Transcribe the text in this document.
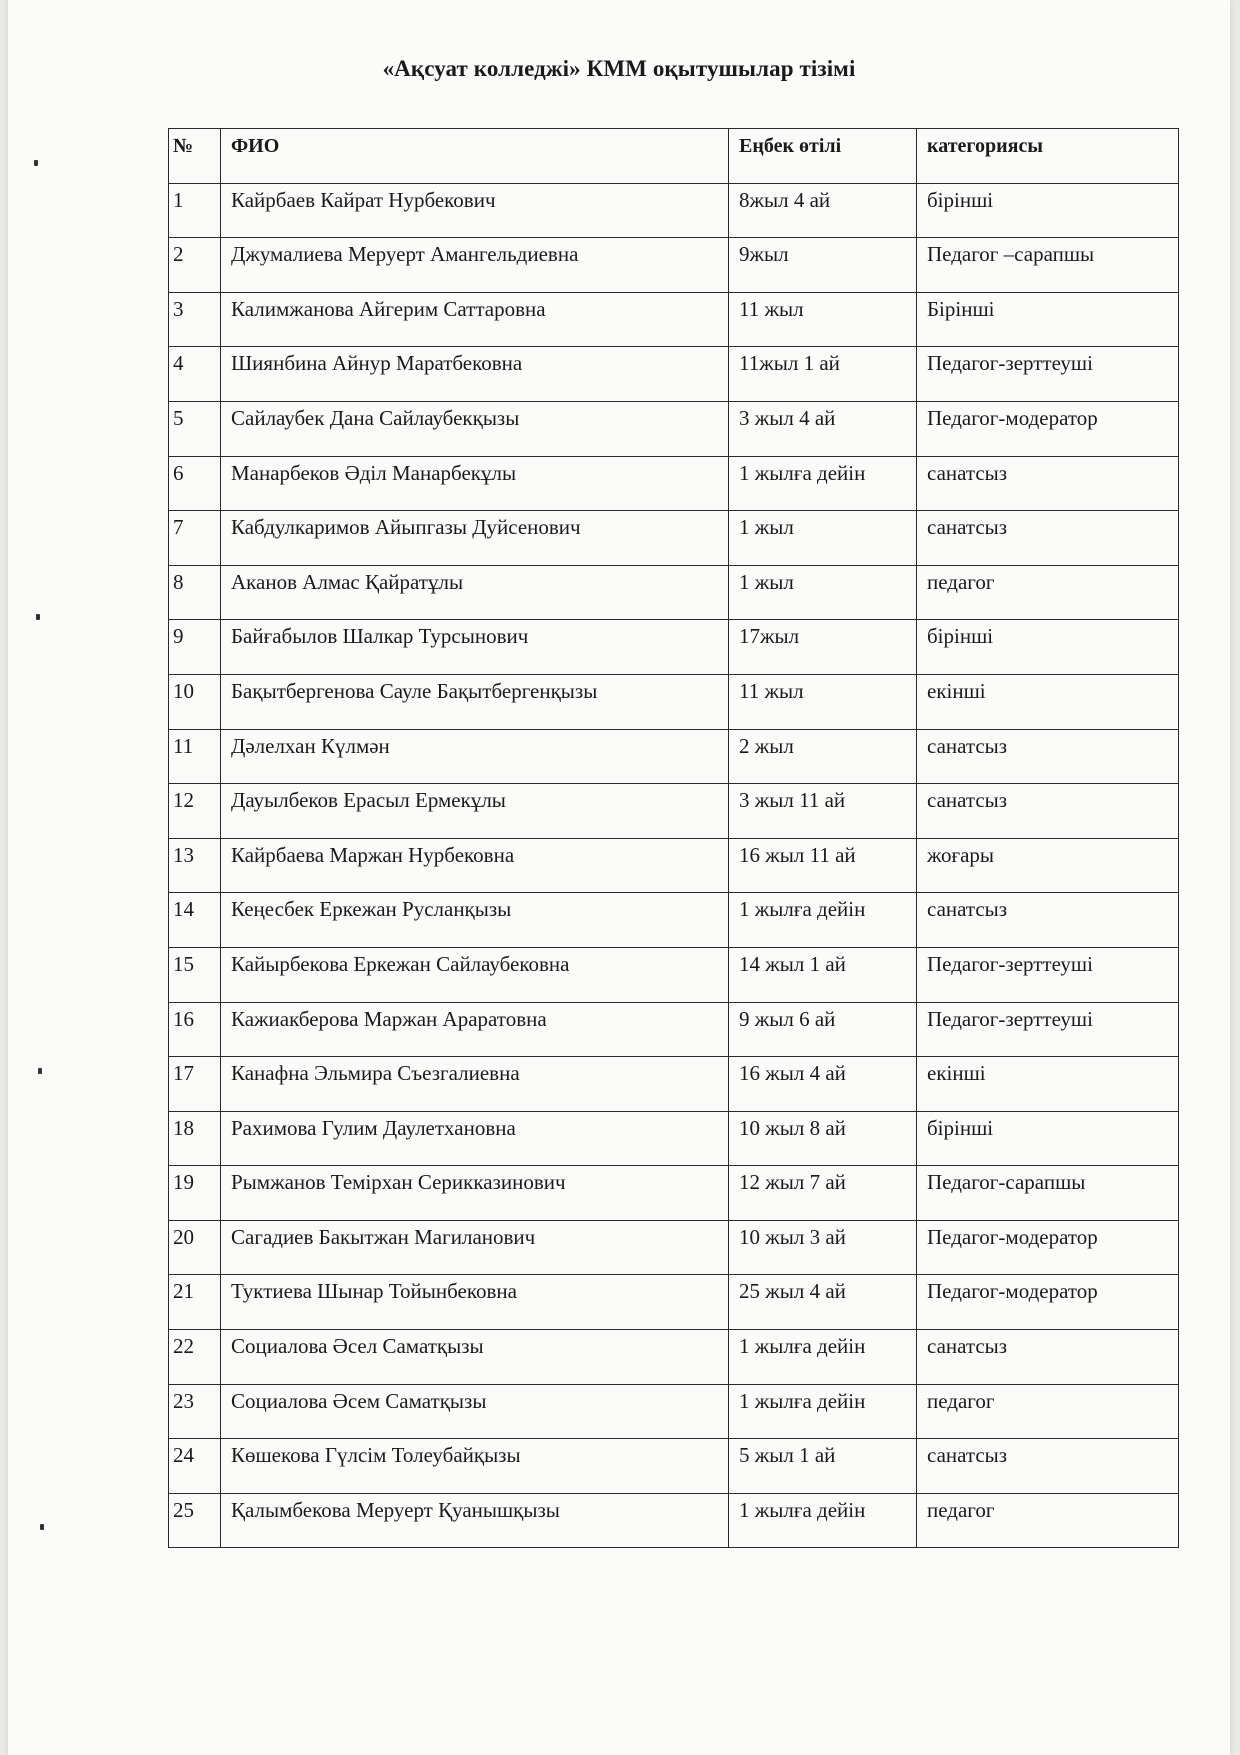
«Ақсуат колледжі» КММ оқытушылар тізімі
№	ФИО	Еңбек өтілі	категориясы
1	Кайрбаев Кайрат Нурбекович	8жыл 4 ай	бірінші
2	Джумалиева Меруерт Амангельдиевна	9жыл	Педагог –сарапшы
3	Калимжанова Айгерим Саттаровна	11 жыл	Бірінші
4	Шиянбина Айнур Маратбековна	11жыл 1 ай	Педагог-зерттеуші
5	Сайлаубек Дана Сайлаубекқызы	3 жыл 4 ай	Педагог-модератор
6	Манарбеков Әділ Манарбекұлы	1 жылға дейін	санатсыз
7	Кабдулкаримов Айыпгазы Дуйсенович	1 жыл	санатсыз
8	Аканов Алмас Қайратұлы	1 жыл	педагог
9	Байғабылов Шалкар Турсынович	17жыл	бірінші
10	Бақытбергенова Сауле Бақытбергенқызы	11 жыл	екінші
11	Дәлелхан Күлмән	2 жыл	санатсыз
12	Дауылбеков Ерасыл Ермекұлы	3 жыл 11 ай	санатсыз
13	Кайрбаева Маржан Нурбековна	16 жыл 11 ай	жоғары
14	Кеңесбек Еркежан Русланқызы	1 жылға дейін	санатсыз
15	Кайырбекова Еркежан Сайлаубековна	14 жыл 1 ай	Педагог-зерттеуші
16	Кажиакберова Маржан Араратовна	9 жыл 6 ай	Педагог-зерттеуші
17	Канафна Эльмира Съезгалиевна	16 жыл 4 ай	екінші
18	Рахимова Гулим Даулетхановна	10 жыл 8 ай	бірінші
19	Рымжанов Темірхан Серикказинович	12 жыл 7 ай	Педагог-сарапшы
20	Сагадиев Бакытжан Магиланович	10 жыл 3 ай	Педагог-модератор
21	Туктиева Шынар Тойынбековна	25 жыл 4 ай	Педагог-модератор
22	Социалова Әсел Саматқызы	1 жылға дейін	санатсыз
23	Социалова Әсем Саматқызы	1 жылға дейін	педагог
24	Көшекова Гүлсім Толеубайқызы	5 жыл 1 ай	санатсыз
25	Қалымбекова Меруерт Қуанышқызы	1 жылға дейін	педагог
